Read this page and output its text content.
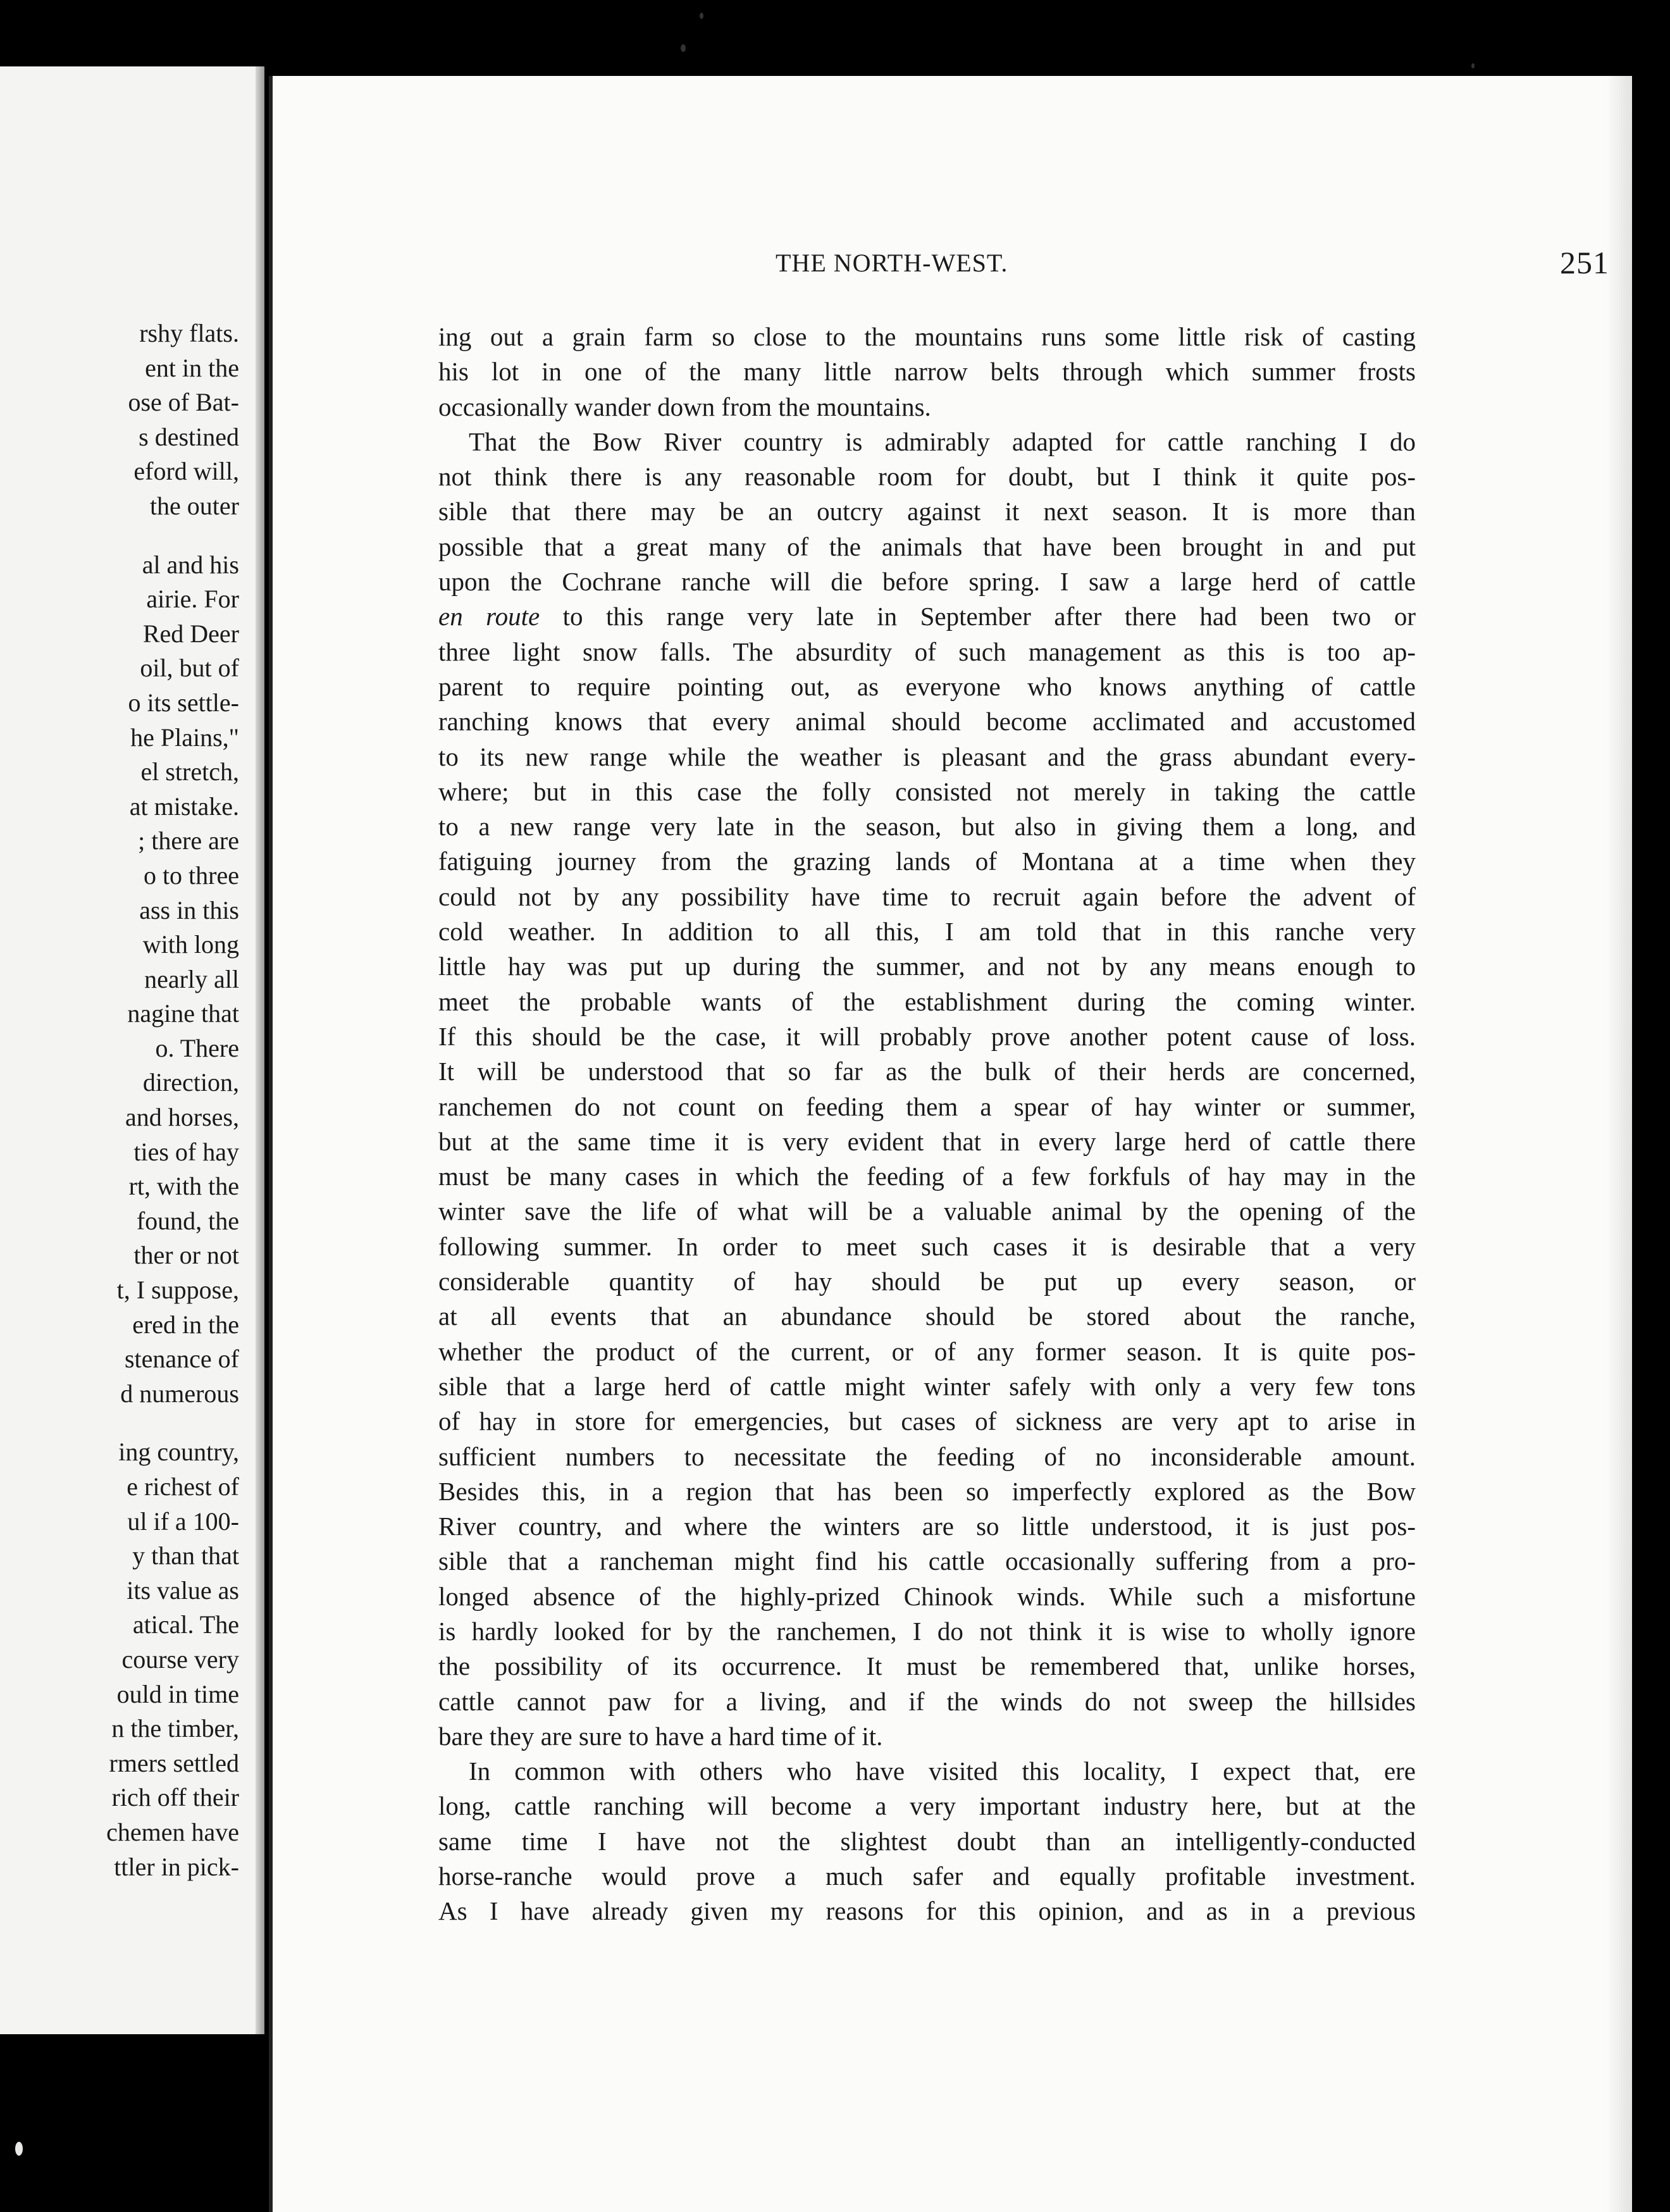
rshy flats.
ent in the
ose of Bat-
s destined
eford will,
the outer
al and his
airie. For
Red Deer
oil, but of
o its settle-
he Plains,"
el stretch,
at mistake.
; there are
o to three
ass in this
with long
nearly all
nagine that
o. There
direction,
and horses,
ties of hay
rt, with the
found, the
ther or not
t, I suppose,
ered in the
stenance of
d numerous
ing country,
e richest of
ul if a 100-
y than that
its value as
atical. The
course very
ould in time
n the timber,
rmers settled
rich off their
chemen have
ttler in pick-
THE NORTH-WEST.	251
ing out a grain farm so close to the mountains runs some little risk of casting
his lot in one of the many little narrow belts through which summer frosts
occasionally wander down from the mountains.
That the Bow River country is admirably adapted for cattle ranching I do
not think there is any reasonable room for doubt, but I think it quite pos-
sible that there may be an outcry against it next season. It is more than
possible that a great many of the animals that have been brought in and put
upon the Cochrane ranche will die before spring. I saw a large herd of cattle
en route to this range very late in September after there had been two or
three light snow falls. The absurdity of such management as this is too ap-
parent to require pointing out, as everyone who knows anything of cattle
ranching knows that every animal should become acclimated and accustomed
to its new range while the weather is pleasant and the grass abundant every-
where; but in this case the folly consisted not merely in taking the cattle
to a new range very late in the season, but also in giving them a long, and
fatiguing journey from the grazing lands of Montana at a time when they
could not by any possibility have time to recruit again before the advent of
cold weather. In addition to all this, I am told that in this ranche very
little hay was put up during the summer, and not by any means enough to
meet the probable wants of the establishment during the coming winter.
If this should be the case, it will probably prove another potent cause of loss.
It will be understood that so far as the bulk of their herds are concerned,
ranchemen do not count on feeding them a spear of hay winter or summer,
but at the same time it is very evident that in every large herd of cattle there
must be many cases in which the feeding of a few forkfuls of hay may in the
winter save the life of what will be a valuable animal by the opening of the
following summer. In order to meet such cases it is desirable that a very
considerable quantity of hay should be put up every season, or
at all events that an abundance should be stored about the ranche,
whether the product of the current, or of any former season. It is quite pos-
sible that a large herd of cattle might winter safely with only a very few tons
of hay in store for emergencies, but cases of sickness are very apt to arise in
sufficient numbers to necessitate the feeding of no inconsiderable amount.
Besides this, in a region that has been so imperfectly explored as the Bow
River country, and where the winters are so little understood, it is just pos-
sible that a rancheman might find his cattle occasionally suffering from a pro-
longed absence of the highly-prized Chinook winds. While such a misfortune
is hardly looked for by the ranchemen, I do not think it is wise to wholly ignore
the possibility of its occurrence. It must be remembered that, unlike horses,
cattle cannot paw for a living, and if the winds do not sweep the hillsides
bare they are sure to have a hard time of it.
In common with others who have visited this locality, I expect that, ere
long, cattle ranching will become a very important industry here, but at the
same time I have not the slightest doubt than an intelligently-conducted
horse-ranche would prove a much safer and equally profitable investment.
As I have already given my reasons for this opinion, and as in a previous
